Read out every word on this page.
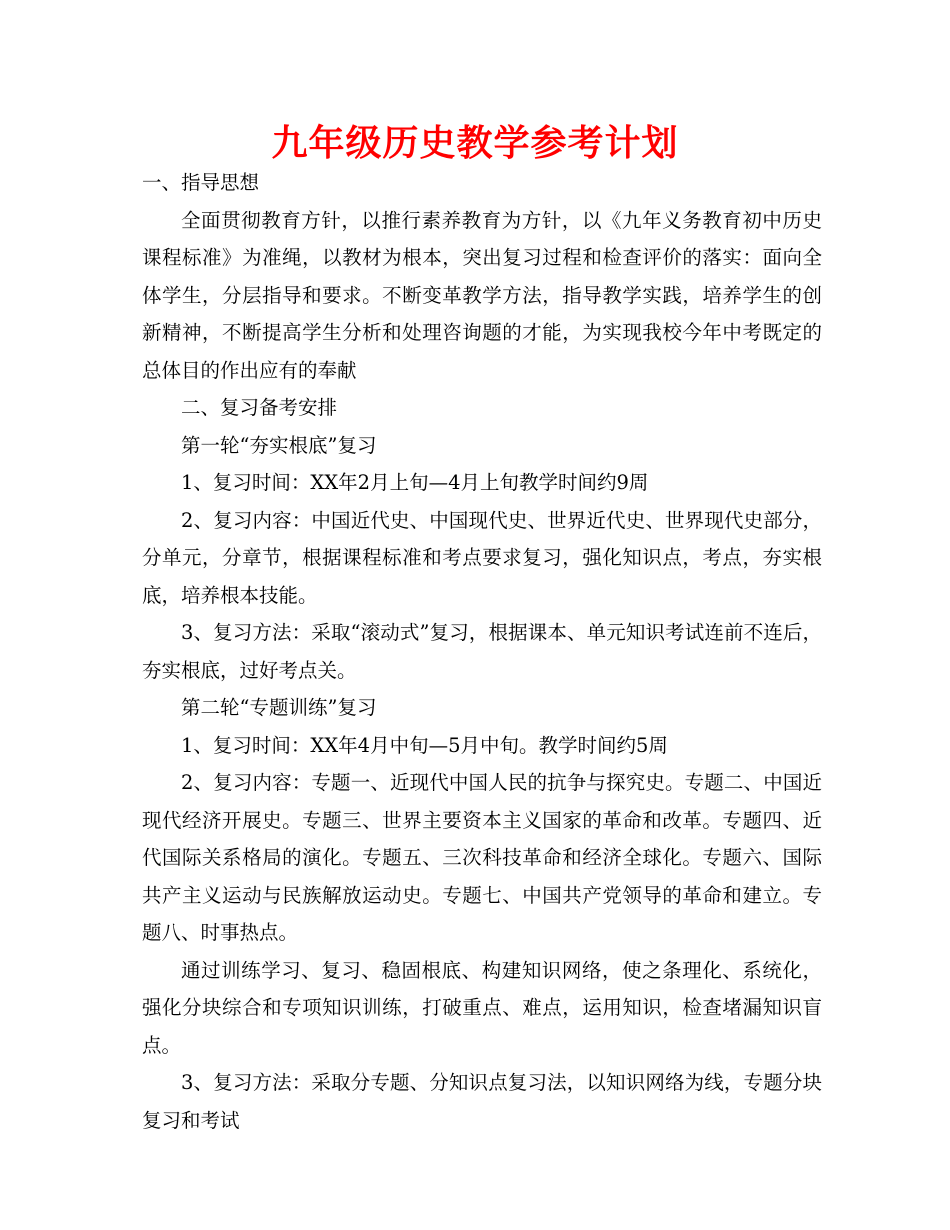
九年级历史教学参考计划

一、指导思想

全面贯彻教育方针，以推行素养教育为方针，以《九年义务教育初中历史课程标准》为准绳，以教材为根本，突出复习过程和检查评价的落实：面向全体学生，分层指导和要求。不断变革教学方法，指导教学实践，培养学生的创新精神，不断提高学生分析和处理咨询题的才能，为实现我校今年中考既定的总体目的作出应有的奉献

二、复习备考安排

第一轮“夯实根底”复习

1、复习时间：XX年2月上旬—4月上旬教学时间约9周

2、复习内容：中国近代史、中国现代史、世界近代史、世界现代史部分，分单元，分章节，根据课程标准和考点要求复习，强化知识点，考点，夯实根底，培养根本技能。

3、复习方法：采取“滚动式”复习，根据课本、单元知识考试连前不连后，夯实根底，过好考点关。

第二轮“专题训练”复习

1、复习时间：XX年4月中旬—5月中旬。教学时间约5周

2、复习内容：专题一、近现代中国人民的抗争与探究史。专题二、中国近现代经济开展史。专题三、世界主要资本主义国家的革命和改革。专题四、近代国际关系格局的演化。专题五、三次科技革命和经济全球化。专题六、国际共产主义运动与民族解放运动史。专题七、中国共产党领导的革命和建立。专题八、时事热点。

通过训练学习、复习、稳固根底、构建知识网络，使之条理化、系统化，强化分块综合和专项知识训练，打破重点、难点，运用知识，检查堵漏知识盲点。

3、复习方法：采取分专题、分知识点复习法，以知识网络为线，专题分块复习和考试
